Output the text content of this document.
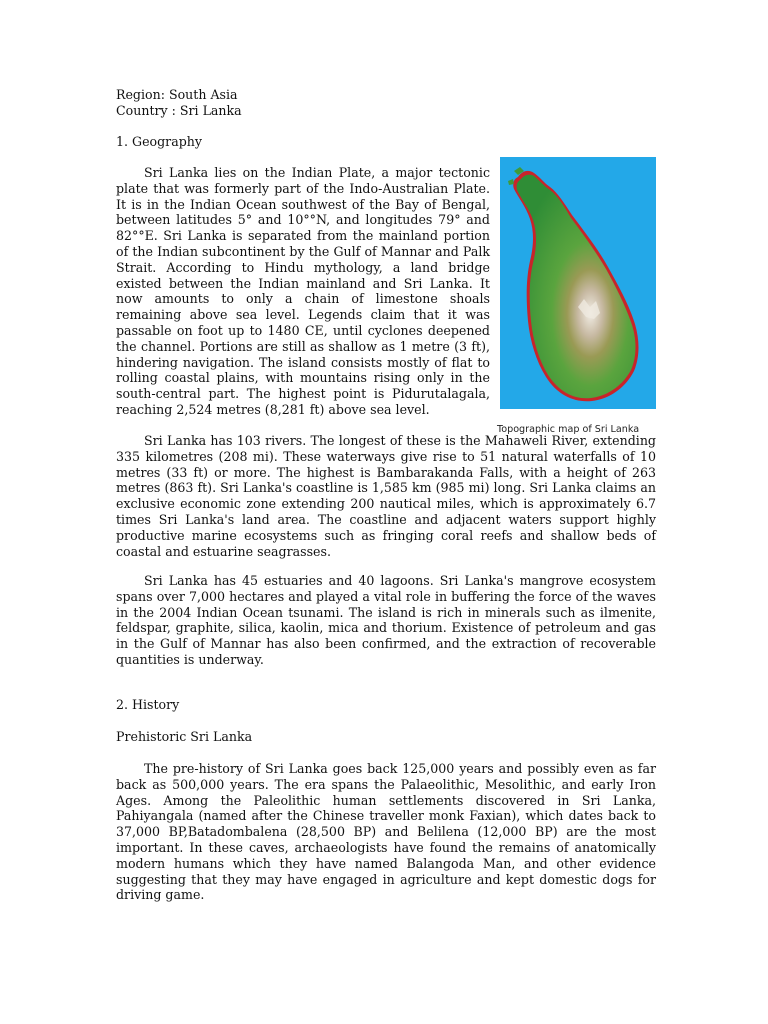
Region: South Asia

Country : Sri Lanka

1. Geography

Sri Lanka lies on the Indian Plate, a major tectonic plate that was formerly part of the Indo-Australian Plate. It is in the Indian Ocean southwest of the Bay of Bengal, between latitudes 5° and 10°°N, and longitudes 79° and 82°°E. Sri Lanka is separated from the mainland portion of the Indian subcontinent by the Gulf of Mannar and Palk Strait. According to Hindu mythology, a land bridge existed between the Indian mainland and Sri Lanka. It now amounts to only a chain of limestone shoals remaining above sea level. Legends claim that it was passable on foot up to 1480 CE, until cyclones deepened the channel. Portions are still as shallow as 1 metre (3 ft), hindering navigation. The island consists mostly of flat to rolling coastal plains, with mountains rising only in the south-central part. The highest point is Pidurutalagala, reaching 2,524 metres (8,281 ft) above sea level.

Topographic map of Sri Lanka

Sri Lanka has 103 rivers. The longest of these is the Mahaweli River, extending 335 kilometres (208 mi). These waterways give rise to 51 natural waterfalls of 10 metres (33 ft) or more. The highest is Bambarakanda Falls, with a height of 263 metres (863 ft). Sri Lanka's coastline is 1,585 km (985 mi) long. Sri Lanka claims an exclusive economic zone extending 200 nautical miles, which is approximately 6.7 times Sri Lanka's land area. The coastline and adjacent waters support highly productive marine ecosystems such as fringing coral reefs and shallow beds of coastal and estuarine seagrasses.

Sri Lanka has 45 estuaries and 40 lagoons. Sri Lanka's mangrove ecosystem spans over 7,000 hectares and played a vital role in buffering the force of the waves in the 2004 Indian Ocean tsunami. The island is rich in minerals such as ilmenite, feldspar, graphite, silica, kaolin, mica and thorium. Existence of petroleum and gas in the Gulf of Mannar has also been confirmed, and the extraction of recoverable quantities is underway.

2. History

Prehistoric Sri Lanka

The pre-history of Sri Lanka goes back 125,000 years and possibly even as far back as 500,000 years. The era spans the Palaeolithic, Mesolithic, and early Iron Ages. Among the Paleolithic human settlements discovered in Sri Lanka, Pahiyangala (named after the Chinese traveller monk Faxian), which dates back to 37,000 BP,Batadombalena (28,500 BP) and Belilena (12,000 BP) are the most important. In these caves, archaeologists have found the remains of anatomically modern humans which they have named Balangoda Man, and other evidence suggesting that they may have engaged in agriculture and kept domestic dogs for driving game.
